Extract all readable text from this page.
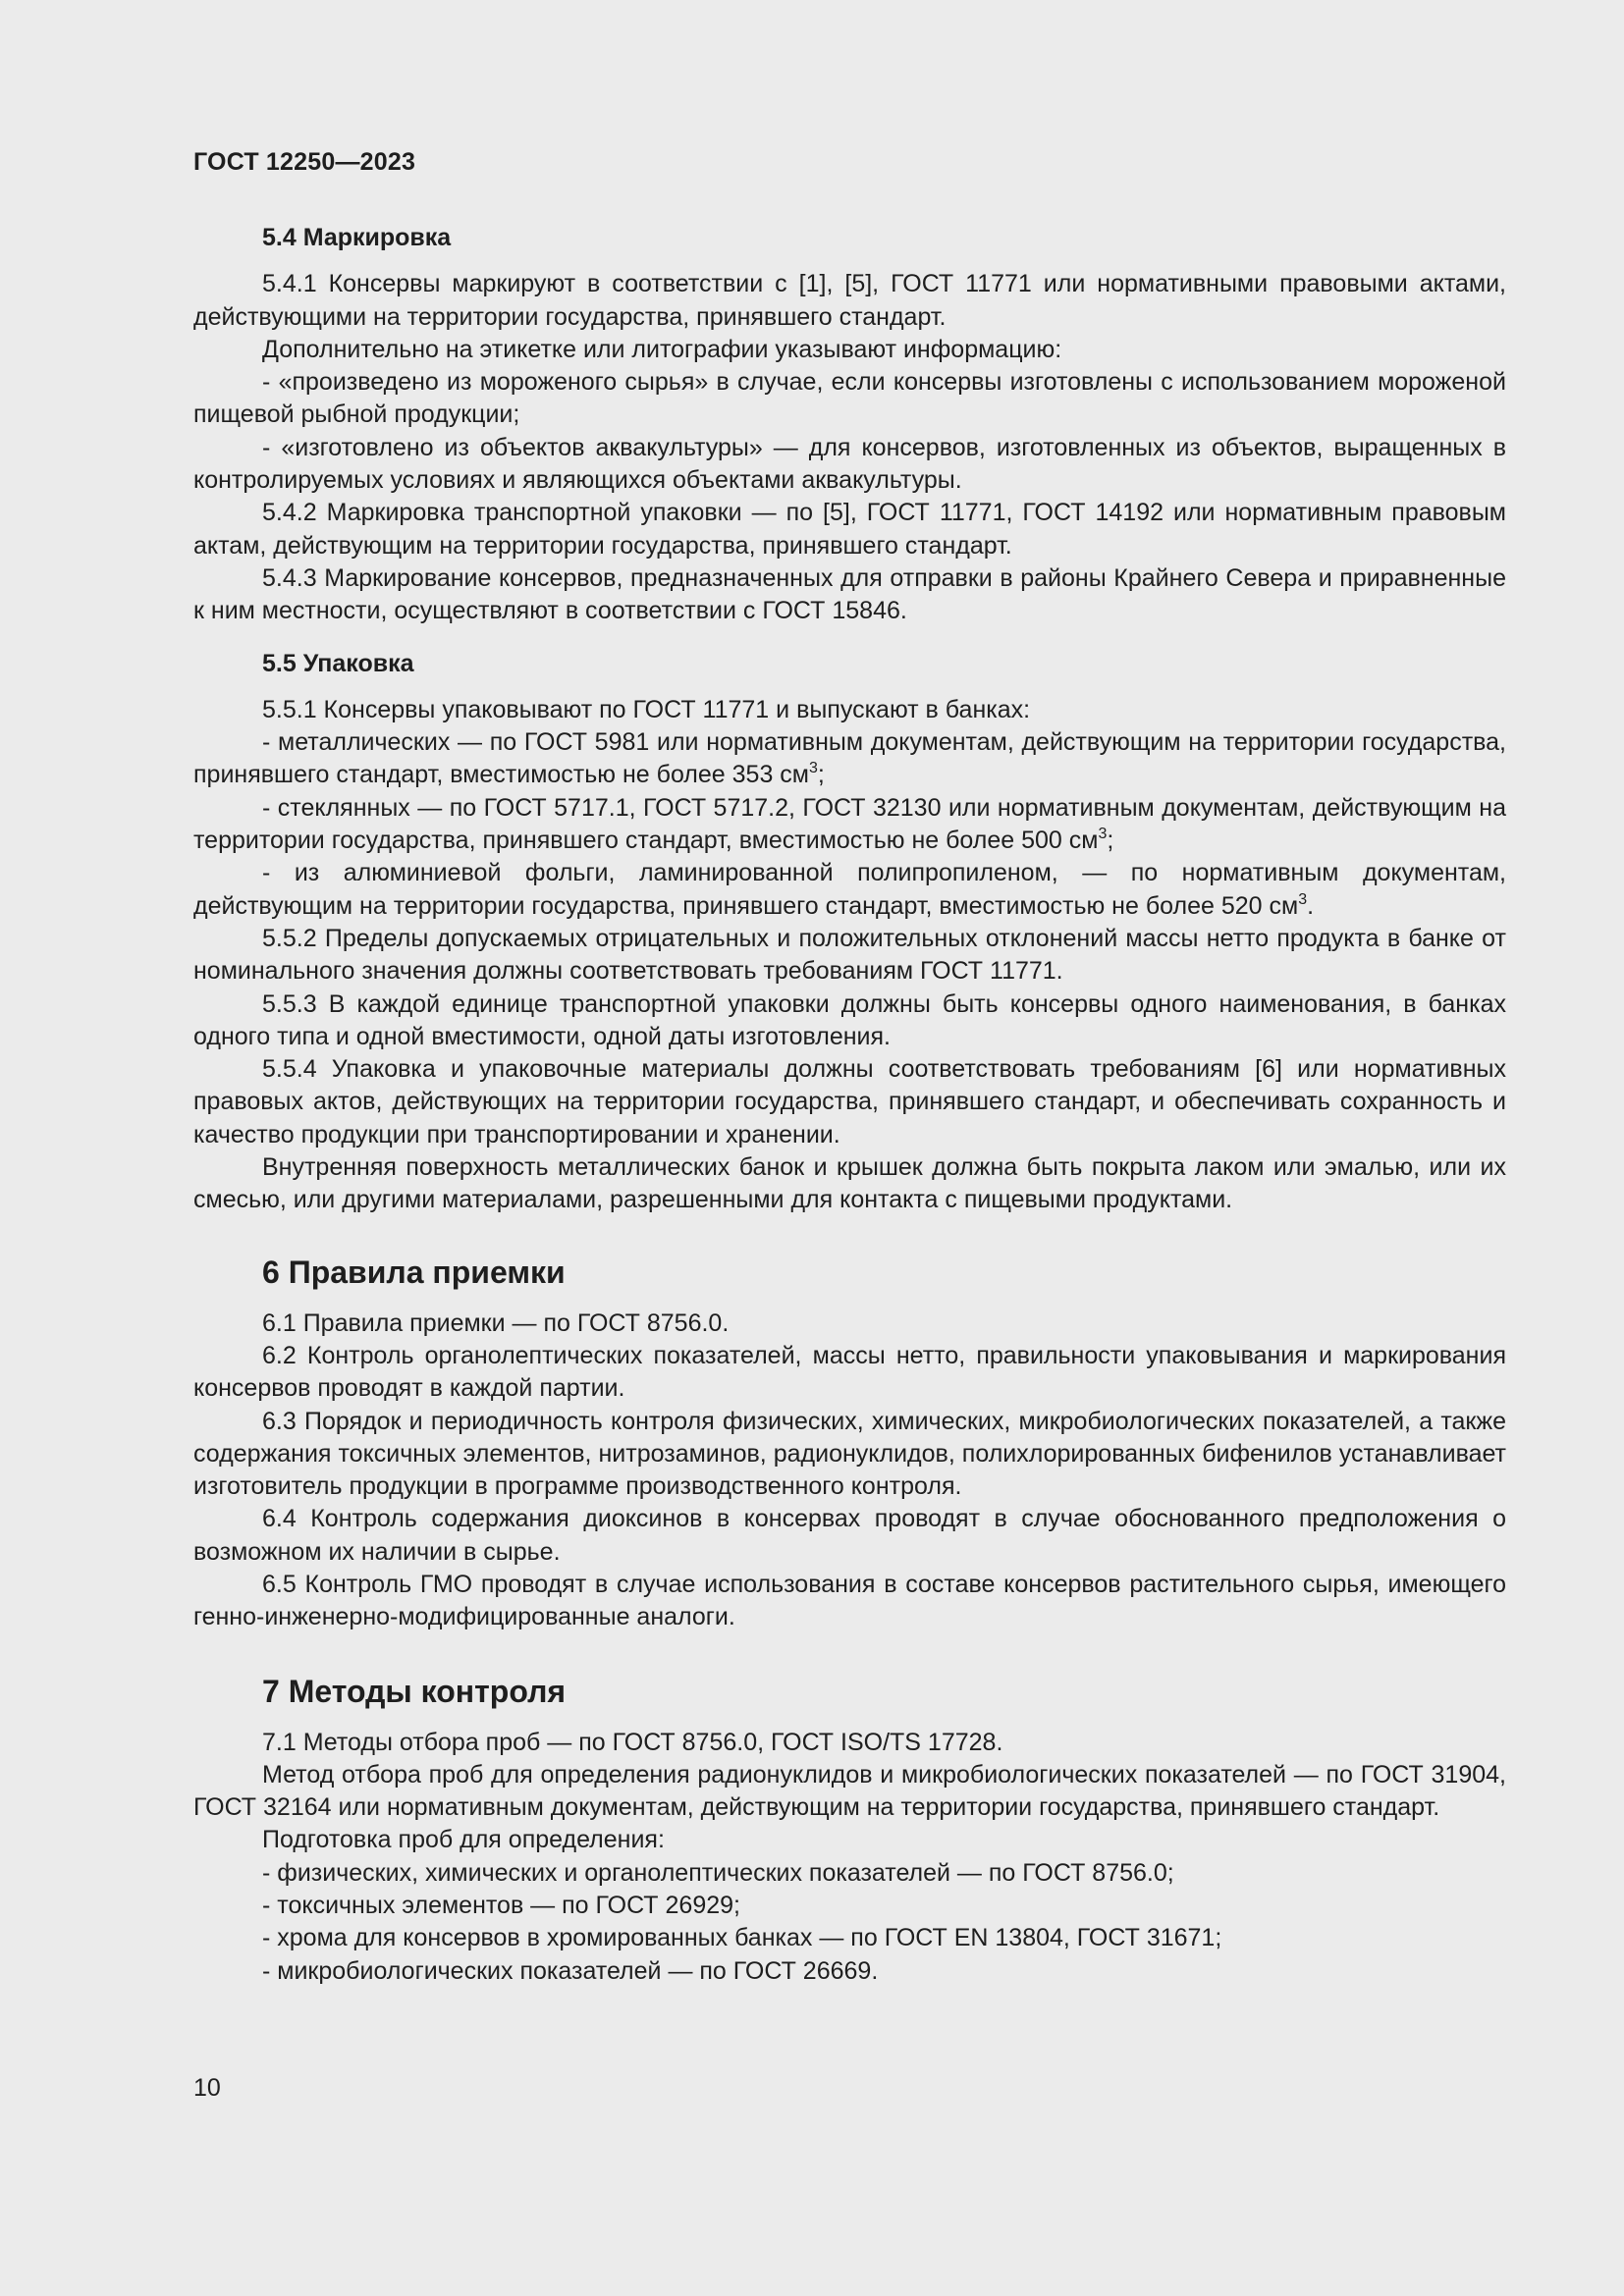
ГОСТ 12250—2023
5.4 Маркировка

5.4.1 Консервы маркируют в соответствии с [1], [5], ГОСТ 11771 или нормативными правовыми актами, действующими на территории государства, принявшего стандарт.

Дополнительно на этикетке или литографии указывают информацию:

- «произведено из мороженого сырья» в случае, если консервы изготовлены с использованием мороженой пищевой рыбной продукции;

- «изготовлено из объектов аквакультуры» — для консервов, изготовленных из объектов, выращенных в контролируемых условиях и являющихся объектами аквакультуры.

5.4.2 Маркировка транспортной упаковки — по [5], ГОСТ 11771, ГОСТ 14192 или нормативным правовым актам, действующим на территории государства, принявшего стандарт.

5.4.3 Маркирование консервов, предназначенных для отправки в районы Крайнего Севера и приравненные к ним местности, осуществляют в соответствии с ГОСТ 15846.

5.5 Упаковка

5.5.1 Консервы упаковывают по ГОСТ 11771 и выпускают в банках:

- металлических — по ГОСТ 5981 или нормативным документам, действующим на территории государства, принявшего стандарт, вместимостью не более 353 $см^3$;

- стеклянных — по ГОСТ 5717.1, ГОСТ 5717.2, ГОСТ 32130 или нормативным документам, действующим на территории государства, принявшего стандарт, вместимостью не более 500 $см^3$;

- из алюминиевой фольги, ламинированной полипропиленом, — по нормативным документам, действующим на территории государства, принявшего стандарт, вместимостью не более 520 $см^3$.

5.5.2 Пределы допускаемых отрицательных и положительных отклонений массы нетто продукта в банке от номинального значения должны соответствовать требованиям ГОСТ 11771.

5.5.3 В каждой единице транспортной упаковки должны быть консервы одного наименования, в банках одного типа и одной вместимости, одной даты изготовления.

5.5.4 Упаковка и упаковочные материалы должны соответствовать требованиям [6] или нормативных правовых актов, действующих на территории государства, принявшего стандарт, и обеспечивать сохранность и качество продукции при транспортировании и хранении.

Внутренняя поверхность металлических банок и крышек должна быть покрыта лаком или эмалью, или их смесью, или другими материалами, разрешенными для контакта с пищевыми продуктами.

6 Правила приемки

6.1 Правила приемки — по ГОСТ 8756.0.

6.2 Контроль органолептических показателей, массы нетто, правильности упаковывания и маркирования консервов проводят в каждой партии.

6.3 Порядок и периодичность контроля физических, химических, микробиологических показателей, а также содержания токсичных элементов, нитрозаминов, радионуклидов, полихлорированных бифенилов устанавливает изготовитель продукции в программе производственного контроля.

6.4 Контроль содержания диоксинов в консервах проводят в случае обоснованного предположения о возможном их наличии в сырье.

6.5 Контроль ГМО проводят в случае использования в составе консервов растительного сырья, имеющего генно-инженерно-модифицированные аналоги.

7 Методы контроля

7.1 Методы отбора проб — по ГОСТ 8756.0, ГОСТ ISO/TS 17728.

Метод отбора проб для определения радионуклидов и микробиологических показателей — по ГОСТ 31904, ГОСТ 32164 или нормативным документам, действующим на территории государства, принявшего стандарт.

Подготовка проб для определения:

- физических, химических и органолептических показателей — по ГОСТ 8756.0;

- токсичных элементов — по ГОСТ 26929;

- хрома для консервов в хромированных банках — по ГОСТ EN 13804, ГОСТ 31671;

- микробиологических показателей — по ГОСТ 26669.

10
